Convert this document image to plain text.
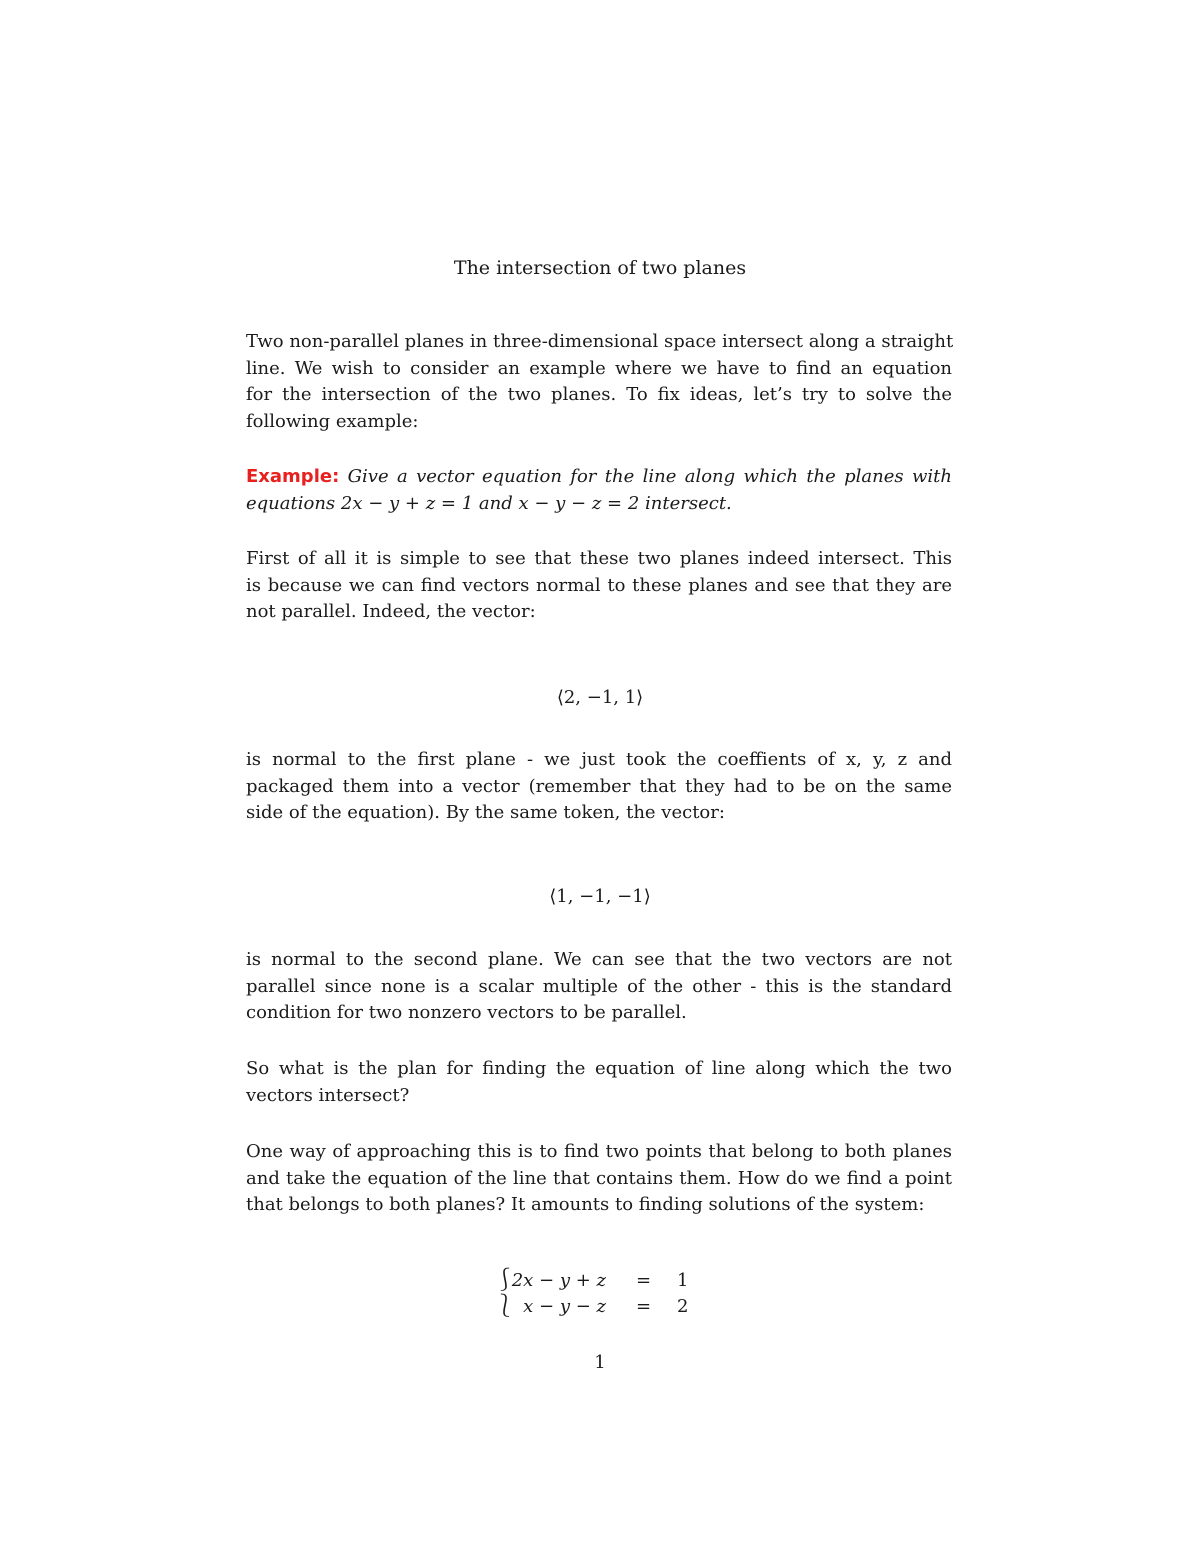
The intersection of two planes

Two non-parallel planes in three-dimensional space intersect along a straight
line. We wish to consider an example where we have to find an equation
for the intersection of the two planes. To fix ideas, let’s try to solve the
following example:

Example: Give a vector equation for the line along which the planes with
equations 2x − y + z = 1 and x − y − z = 2 intersect.

First of all it is simple to see that these two planes indeed intersect. This
is because we can find vectors normal to these planes and see that they are
not parallel. Indeed, the vector:

⟨2, −1, 1⟩

is normal to the first plane - we just took the coeffients of x, y, z and
packaged them into a vector (remember that they had to be on the same
side of the equation). By the same token, the vector:

⟨1, −1, −1⟩

is normal to the second plane. We can see that the two vectors are not
parallel since none is a scalar multiple of the other - this is the standard
condition for two nonzero vectors to be parallel.

So what is the plan for finding the equation of line along which the two
vectors intersect?

One way of approaching this is to find two points that belong to both planes
and take the equation of the line that contains them. How do we find a point
that belongs to both planes? It amounts to finding solutions of the system:

⎰
⎱
2x − y + z = 1
x − y − z = 2
1
